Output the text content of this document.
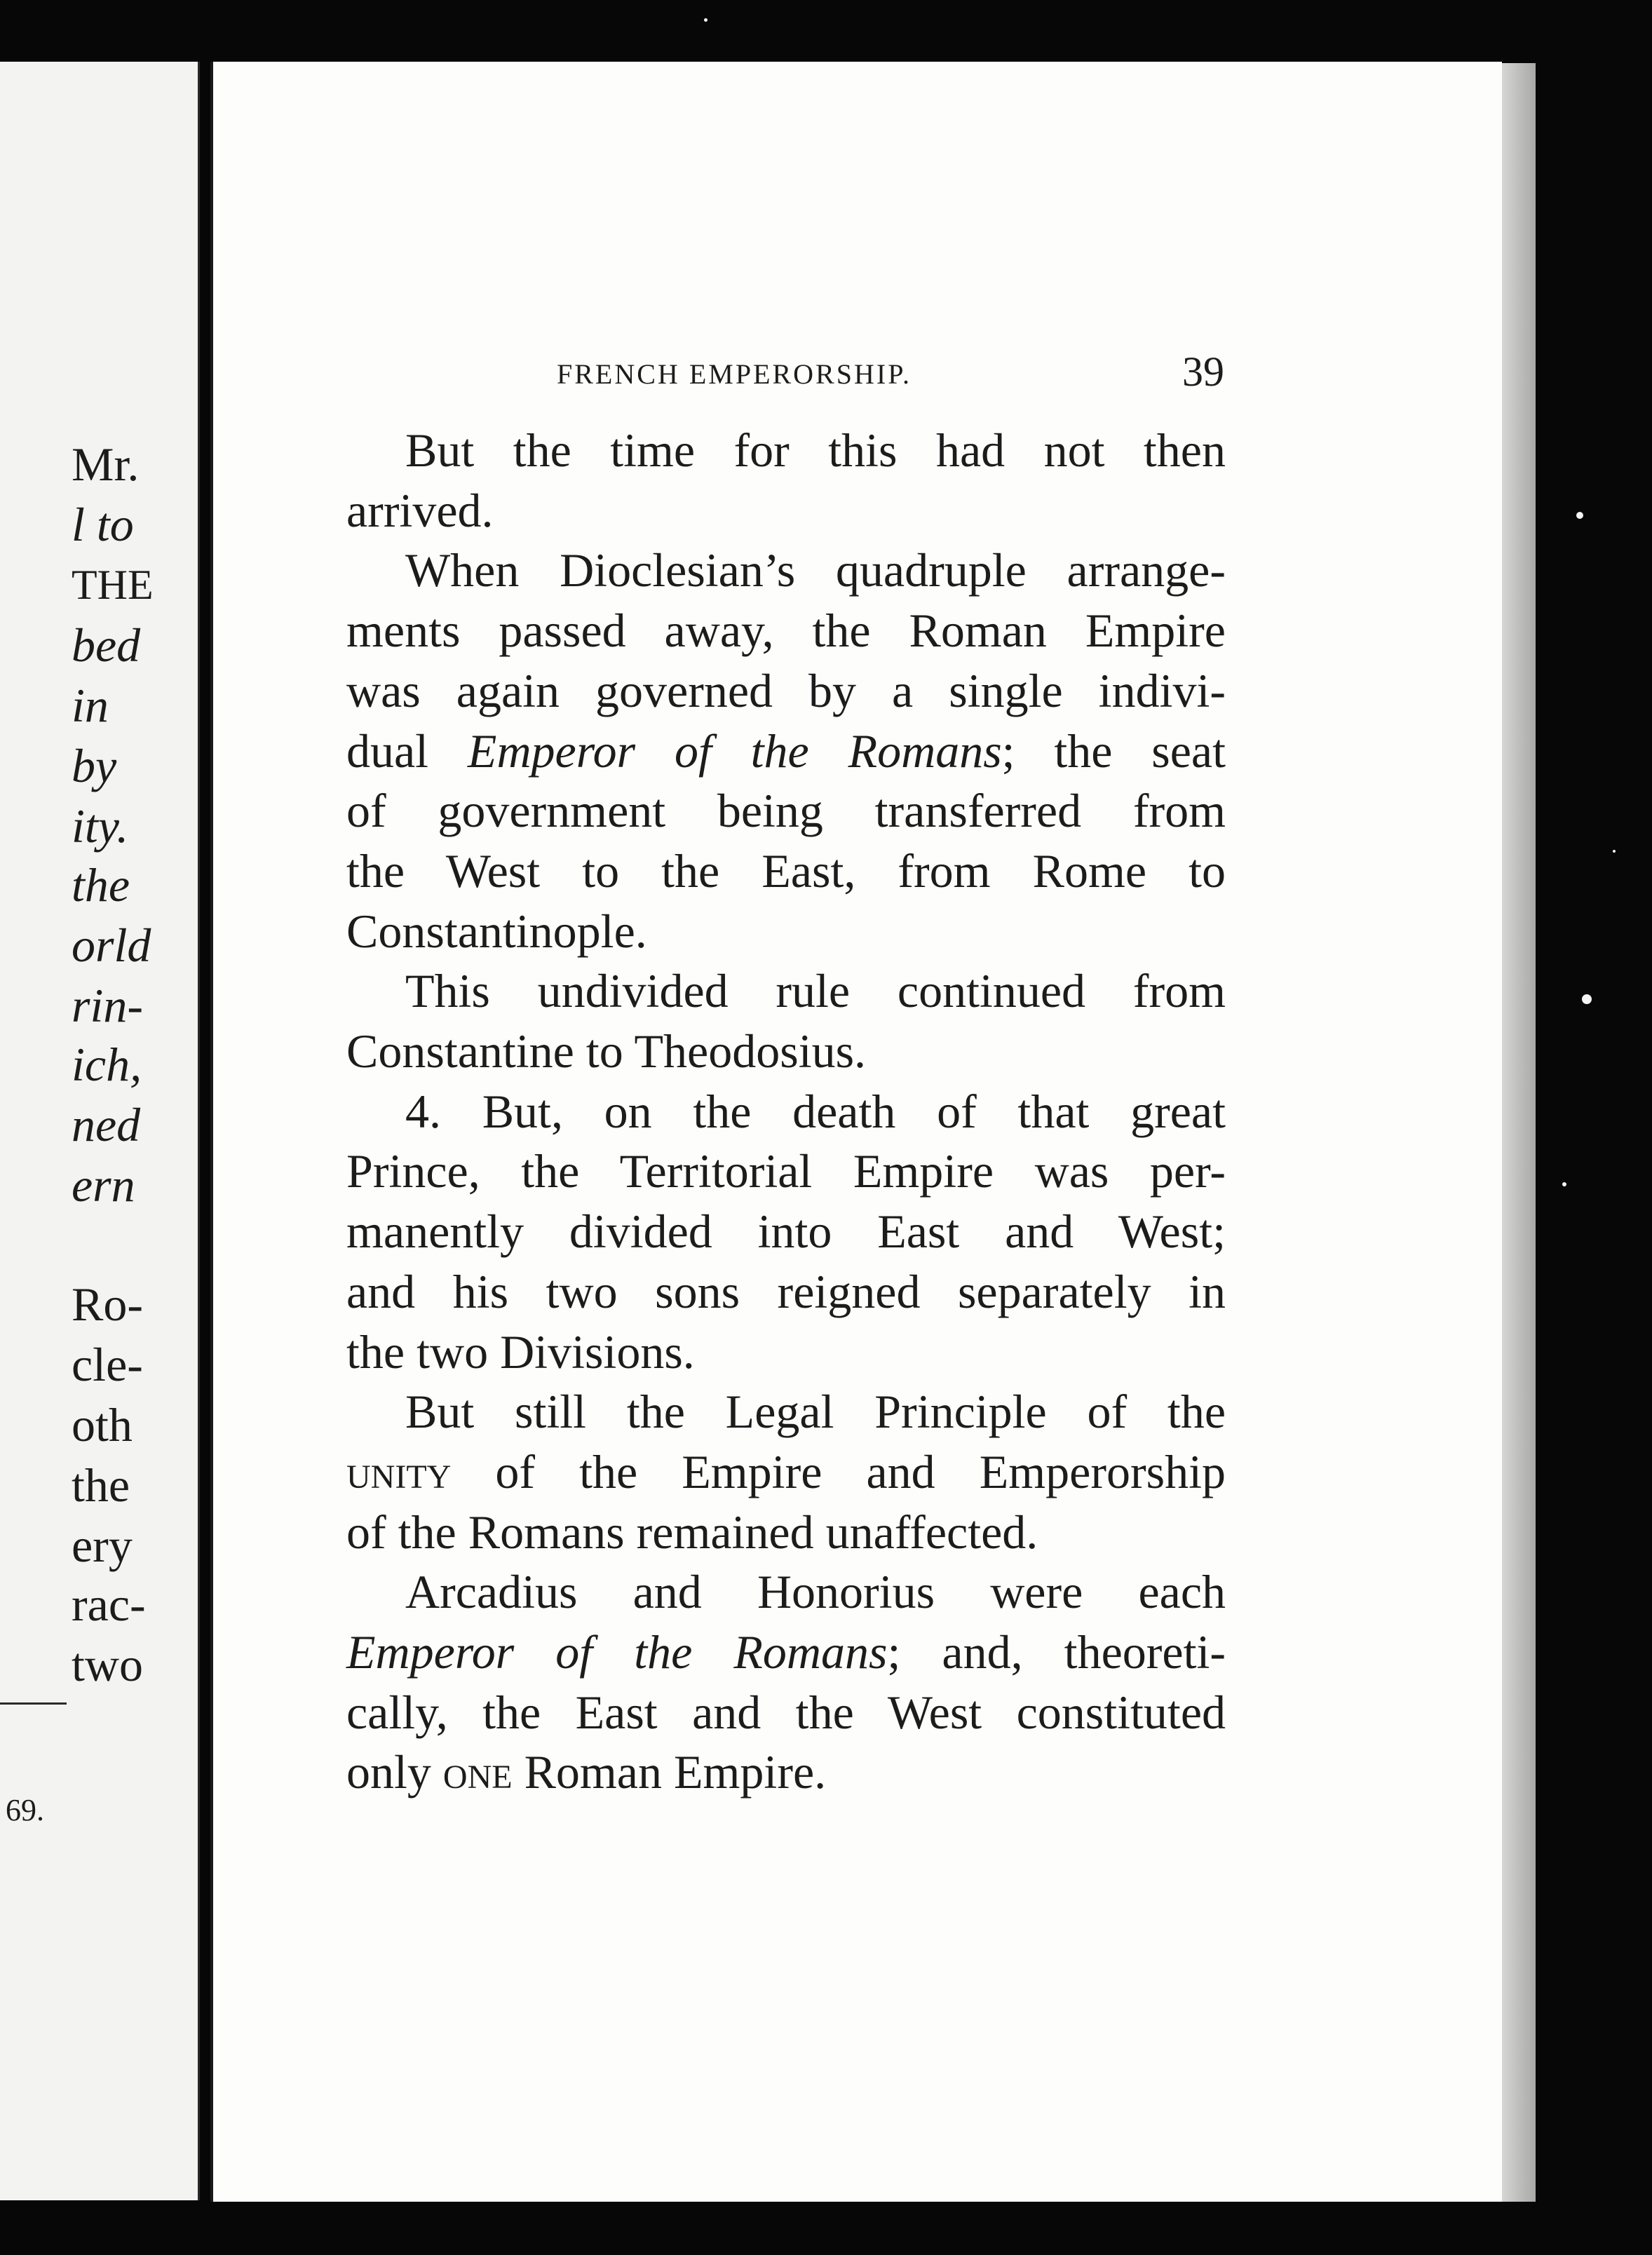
Mr.
l to
THE
bed
in
by
ity.
the
orld
rin-
ich,
ned
ern
Ro-
cle-
oth
the
ery
rac-
two
69.
FRENCH EMPERORSHIP.	39
But the time for this had not then
arrived.
When Dioclesian’s quadruple arrange-
ments passed away, the Roman Empire
was again governed by a single indivi-
dual Emperor of the Romans; the seat
of government being transferred from
the West to the East, from Rome to
Constantinople.
This undivided rule continued from
Constantine to Theodosius.
4. But, on the death of that great
Prince, the Territorial Empire was per-
manently divided into East and West;
and his two sons reigned separately in
the two Divisions.
But still the Legal Principle of the
unity of the Empire and Emperorship
of the Romans remained unaffected.
Arcadius and Honorius were each
Emperor of the Romans; and, theoreti-
cally, the East and the West constituted
only one Roman Empire.
